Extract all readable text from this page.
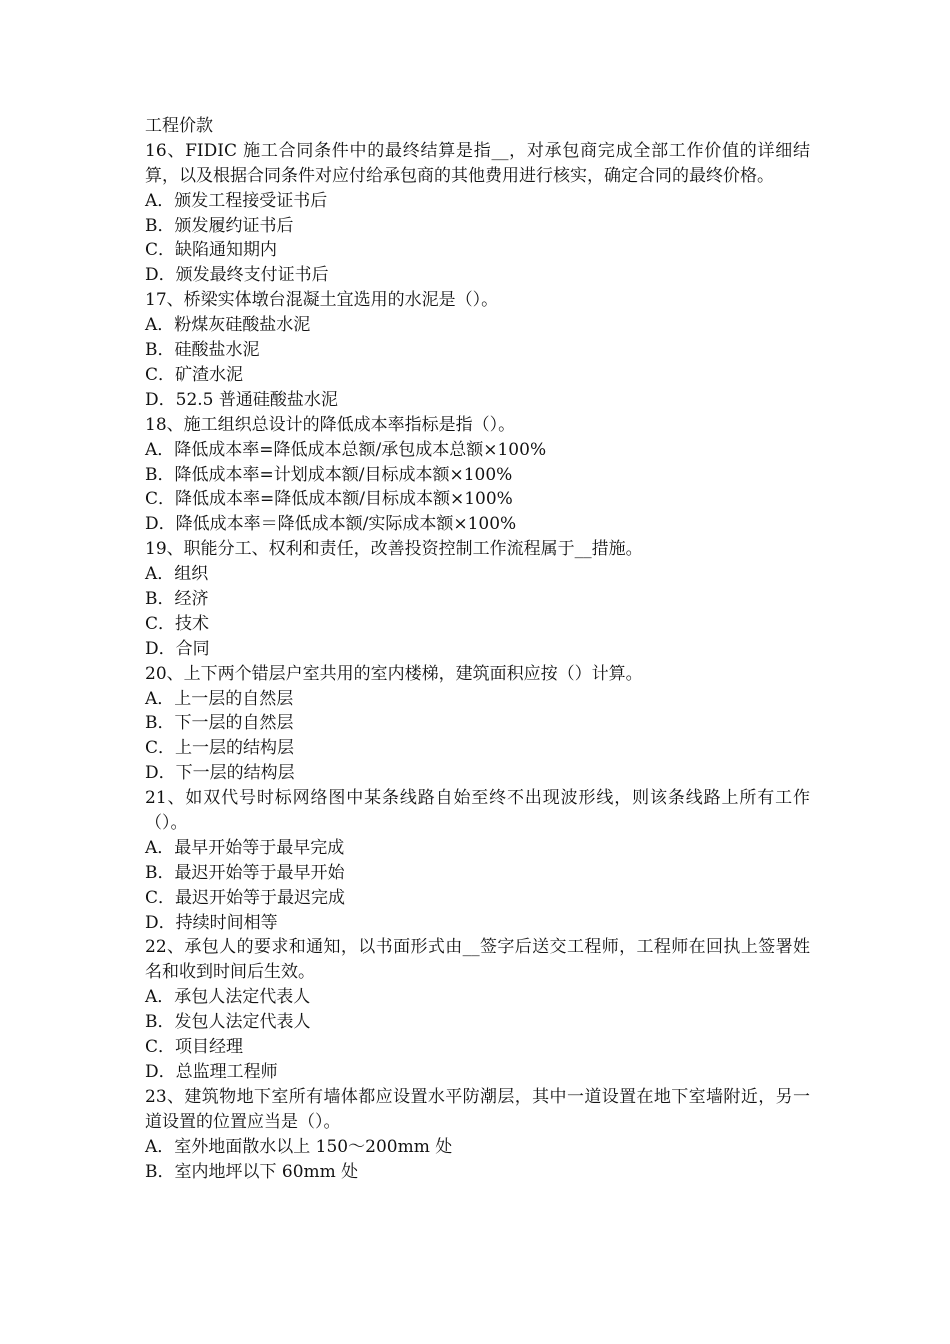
工程价款
16、FIDIC 施工合同条件中的最终结算是指__，对承包商完成全部工作价值的详细结算，以及根据合同条件对应付给承包商的其他费用进行核实，确定合同的最终价格。
A．颁发工程接受证书后
B．颁发履约证书后
C．缺陷通知期内
D．颁发最终支付证书后
17、桥梁实体墩台混凝土宜选用的水泥是（）。
A．粉煤灰硅酸盐水泥
B．硅酸盐水泥
C．矿渣水泥
D．52.5 普通硅酸盐水泥
18、施工组织总设计的降低成本率指标是指（）。
A．降低成本率=降低成本总额/承包成本总额×100%
B．降低成本率=计划成本额/目标成本额×100%
C．降低成本率=降低成本额/目标成本额×100%
D．降低成本率＝降低成本额/实际成本额×100%
19、职能分工、权利和责任，改善投资控制工作流程属于__措施。
A．组织
B．经济
C．技术
D．合同
20、上下两个错层户室共用的室内楼梯，建筑面积应按（）计算。
A．上一层的自然层
B．下一层的自然层
C．上一层的结构层
D．下一层的结构层
21、如双代号时标网络图中某条线路自始至终不出现波形线，则该条线路上所有工作（）。
A．最早开始等于最早完成
B．最迟开始等于最早开始
C．最迟开始等于最迟完成
D．持续时间相等
22、承包人的要求和通知，以书面形式由__签字后送交工程师，工程师在回执上签署姓名和收到时间后生效。
A．承包人法定代表人
B．发包人法定代表人
C．项目经理
D．总监理工程师
23、建筑物地下室所有墙体都应设置水平防潮层，其中一道设置在地下室墙附近，另一道设置的位置应当是（）。
A．室外地面散水以上 150～200mm 处
B．室内地坪以下 60mm 处
